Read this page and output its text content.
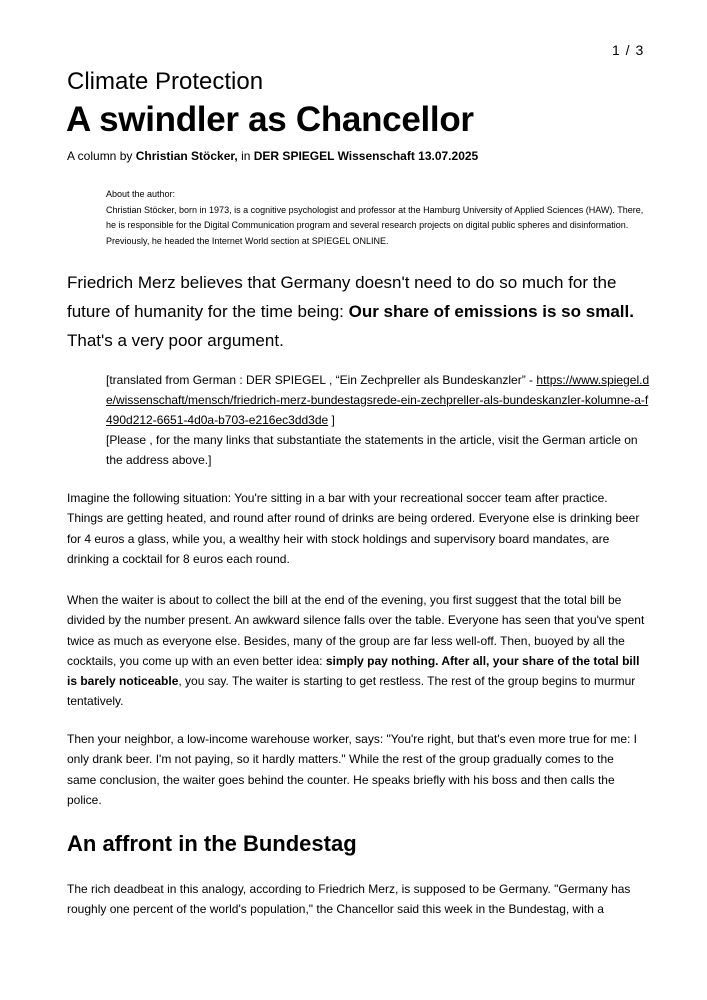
1 / 3
Climate Protection
A swindler as Chancellor
A column by Christian Stöcker, in DER SPIEGEL Wissenschaft 13.07.2025

About the author:

Christian Stöcker, born in 1973, is a cognitive psychologist and professor at the Hamburg University of Applied Sciences (HAW). There, he is responsible for the Digital Communication program and several research projects on digital public spheres and disinformation. Previously, he headed the Internet World section at SPIEGEL ONLINE.

Friedrich Merz believes that Germany doesn't need to do so much for the future of humanity for the time being: Our share of emissions is so small. That's a very poor argument.

[translated from German : DER SPIEGEL , “Ein Zechpreller als Bundeskanzler” - https://www.spiegel.de/wissenschaft/mensch/friedrich-merz-bundestagsrede-ein-zechpreller-als-bundeskanzler-kolumne-a-f490d212-6651-4d0a-b703-e216ec3dd3de ]

[Please , for the many links that substantiate the statements in the article, visit the German article on the address above.]

Imagine the following situation: You're sitting in a bar with your recreational soccer team after practice. Things are getting heated, and round after round of drinks are being ordered. Everyone else is drinking beer for 4 euros a glass, while you, a wealthy heir with stock holdings and supervisory board mandates, are drinking a cocktail for 8 euros each round.

When the waiter is about to collect the bill at the end of the evening, you first suggest that the total bill be divided by the number present. An awkward silence falls over the table. Everyone has seen that you've spent twice as much as everyone else. Besides, many of the group are far less well-off. Then, buoyed by all the cocktails, you come up with an even better idea: simply pay nothing. After all, your share of the total bill is barely noticeable, you say. The waiter is starting to get restless. The rest of the group begins to murmur tentatively.

Then your neighbor, a low-income warehouse worker, says: "You're right, but that's even more true for me: I only drank beer. I'm not paying, so it hardly matters." While the rest of the group gradually comes to the same conclusion, the waiter goes behind the counter. He speaks briefly with his boss and then calls the police.

An affront in the Bundestag

The rich deadbeat in this analogy, according to Friedrich Merz, is supposed to be Germany. "Germany has roughly one percent of the world's population," the Chancellor said this week in the Bundestag, with a
